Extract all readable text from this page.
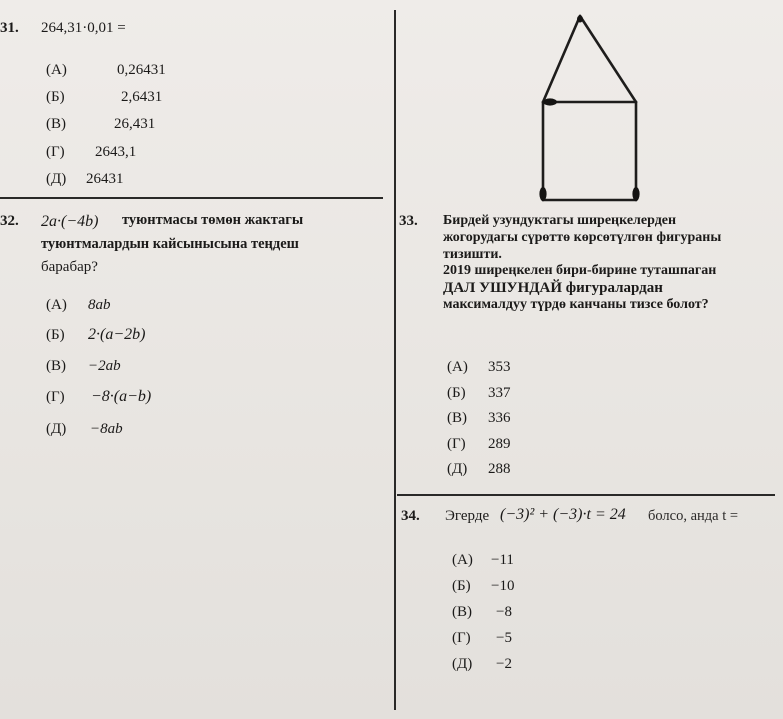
31. 264,31·0,01 =
(А)	0,26431
(Б)	2,6431
(В)	26,431
(Г) 2643,1
(Д) 26431
32. 2a·(−4b) туюнтмасы төмөн жактагы
туюнтмалардын кайсынысына теңдеш
барабар?
(А) 8ab
(Б) 2·(a−2b)
(В) −2ab
(Г) −8·(a−b)
(Д) −8ab
33. Бирдей узундуктагы ширеңкелерден
жогорудагы сүрөттө көрсөтүлгөн фигураны
тизишти.
2019 ширеңкелен бири-бирине туташпаган
ДАЛ УШУНДАЙ фигуралардан
максималдуу түрдө канчаны тизсе болот?
(А) 353
(Б) 337
(В) 336
(Г) 289
(Д) 288
34. Эгерде (−3)² + (−3)·t = 24 болсо, анда t =
(А) −11
(Б) −10
(В) −8
(Г) −5
(Д) −2
